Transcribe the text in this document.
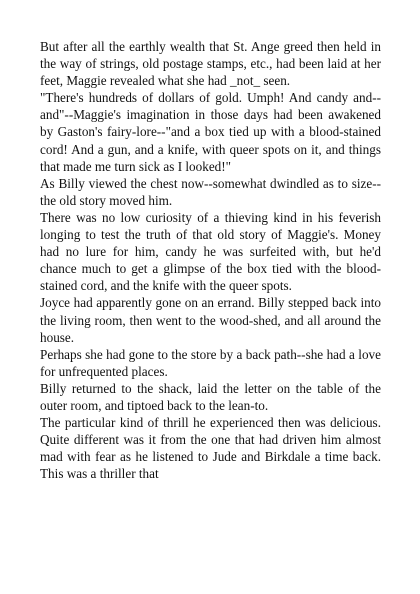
But after all the earthly wealth that St. Ange greed then held in the way of strings, old postage stamps, etc., had been laid at her feet, Maggie revealed what she had _not_ seen.

"There's hundreds of dollars of gold. Umph! And candy and--and"--Maggie's imagination in those days had been awakened by Gaston's fairy-lore--"and a box tied up with a blood-stained cord! And a gun, and a knife, with queer spots on it, and things that made me turn sick as I looked!"

As Billy viewed the chest now--somewhat dwindled as to size--the old story moved him.

There was no low curiosity of a thieving kind in his feverish longing to test the truth of that old story of Maggie's. Money had no lure for him, candy he was surfeited with, but he'd chance much to get a glimpse of the box tied with the blood-stained cord, and the knife with the queer spots.

Joyce had apparently gone on an errand. Billy stepped back into the living room, then went to the wood-shed, and all around the house.

Perhaps she had gone to the store by a back path--she had a love for unfrequented places.

Billy returned to the shack, laid the letter on the table of the outer room, and tiptoed back to the lean-to.

The particular kind of thrill he experienced then was delicious. Quite different was it from the one that had driven him almost mad with fear as he listened to Jude and Birkdale a time back. This was a thriller that
